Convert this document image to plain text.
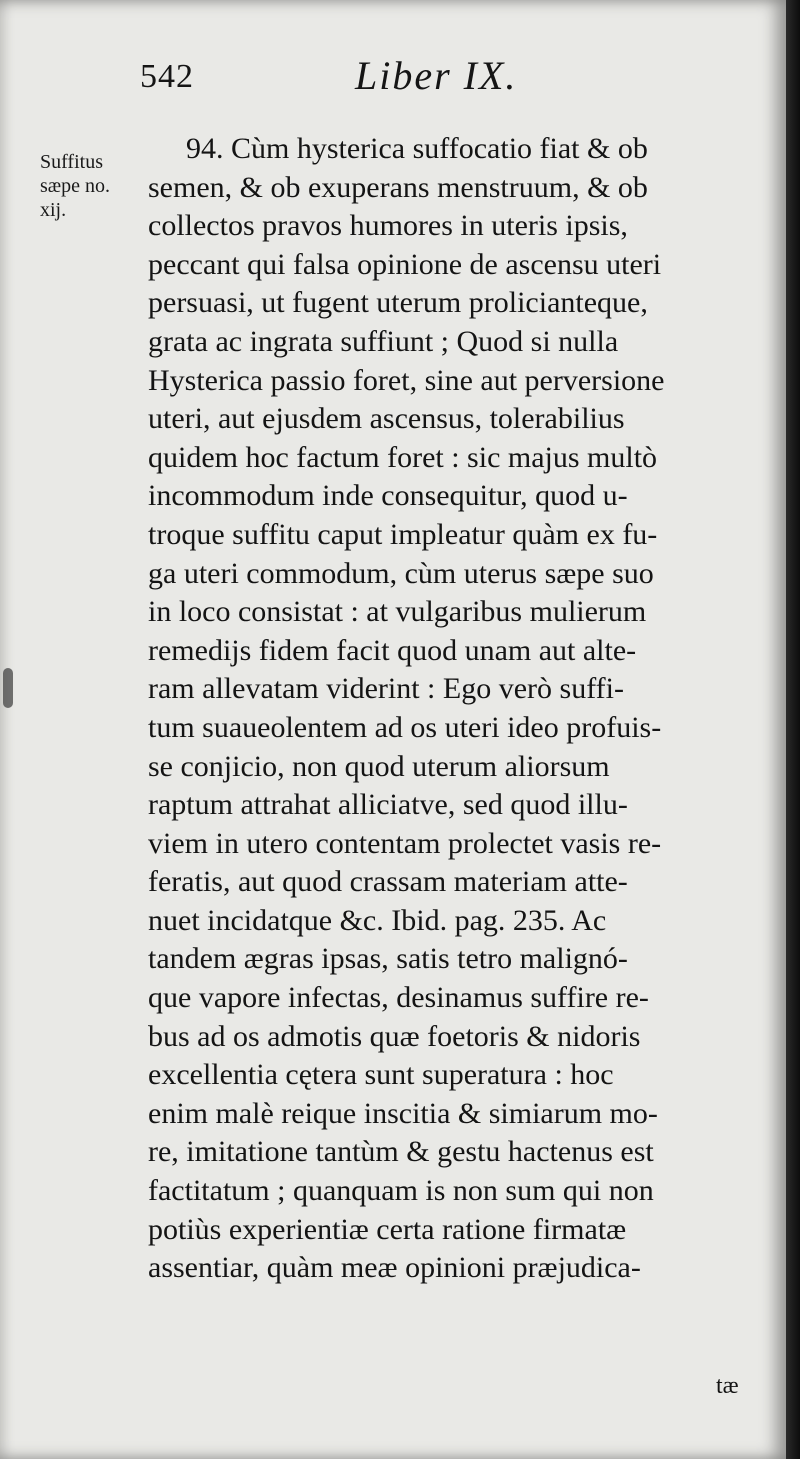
542	Liber IX.
Suffitus
sæpe no.
xij.
94. Cùm hysterica suffocatio fiat & ob
semen, & ob exuperans menstruum, & ob
collectos pravos humores in uteris ipsis,
peccant qui falsa opinione de ascensu uteri
persuasi, ut fugent uterum prolicianteque,
grata ac ingrata suffiunt ; Quod si nulla
Hysterica passio foret, sine aut perversione
uteri, aut ejusdem ascensus, tolerabilius
quidem hoc factum foret : sic majus multò
incommodum inde consequitur, quod u-
troque suffitu caput impleatur quàm ex fu-
ga uteri commodum, cùm uterus sæpe suo
in loco consistat : at vulgaribus mulierum
remedijs fidem facit quod unam aut alte-
ram allevatam viderint : Ego verò suffi-
tum suaueolentem ad os uteri ideo profuis-
se conjicio, non quod uterum aliorsum
raptum attrahat alliciatve, sed quod illu-
viem in utero contentam prolectet vasis re-
feratis, aut quod crassam materiam atte-
nuet incidatque &c. Ibid. pag. 235. Ac
tandem ægras ipsas, satis tetro malignó-
que vapore infectas, desinamus suffire re-
bus ad os admotis quæ foetoris & nidoris
excellentia cętera sunt superatura : hoc
enim malè reique inscitia & simiarum mo-
re, imitatione tantùm & gestu hactenus est
factitatum ; quanquam is non sum qui non
potiùs experientiæ certa ratione firmatæ
assentiar, quàm meæ opinioni præjudica-
tæ
